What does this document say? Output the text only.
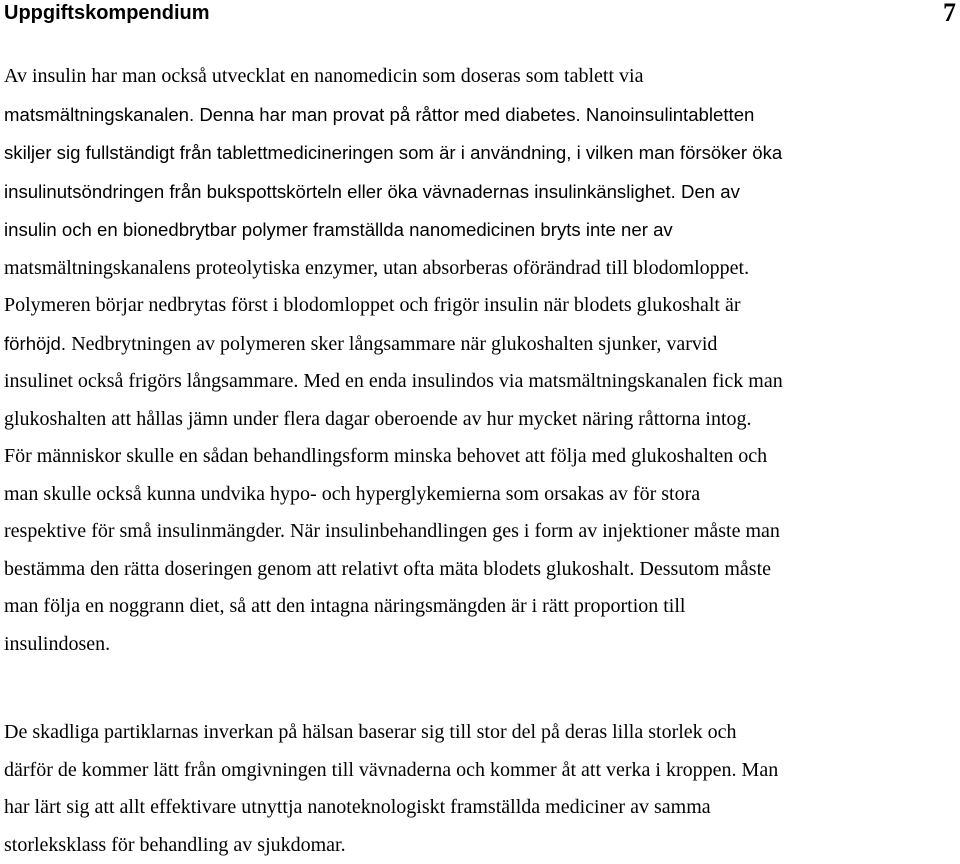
Uppgiftskompendium	7

Av insulin har man också utvecklat en nanomedicin som doseras som tablett via
matsmältningskanalen. Denna har man provat på råttor med diabetes. Nanoinsulintabletten
skiljer sig fullständigt från tablettmedicineringen som är i användning, i vilken man försöker öka
insulinutsöndringen från bukspottskörteln eller öka vävnadernas insulinkänslighet. Den av
insulin och en bionedbrytbar polymer framställda nanomedicinen bryts inte ner av
matsmältningskanalens proteolytiska enzymer, utan absorberas oförändrad till blodomloppet.
Polymeren börjar nedbrytas först i blodomloppet och frigör insulin när blodets glukoshalt är
förhöjd. Nedbrytningen av polymeren sker långsammare när glukoshalten sjunker, varvid
insulinet också frigörs långsammare. Med en enda insulindos via matsmältningskanalen fick man
glukoshalten att hållas jämn under flera dagar oberoende av hur mycket näring råttorna intog.
För människor skulle en sådan behandlingsform minska behovet att följa med glukoshalten och
man skulle också kunna undvika hypo- och hyperglykemierna som orsakas av för stora
respektive för små insulinmängder. När insulinbehandlingen ges i form av injektioner måste man
bestämma den rätta doseringen genom att relativt ofta mäta blodets glukoshalt. Dessutom måste
man följa en noggrann diet, så att den intagna näringsmängden är i rätt proportion till
insulindosen.

De skadliga partiklarnas inverkan på hälsan baserar sig till stor del på deras lilla storlek och
därför de kommer lätt från omgivningen till vävnaderna och kommer åt att verka i kroppen. Man
har lärt sig att allt effektivare utnyttja nanoteknologiskt framställda mediciner av samma
storleksklass för behandling av sjukdomar.
